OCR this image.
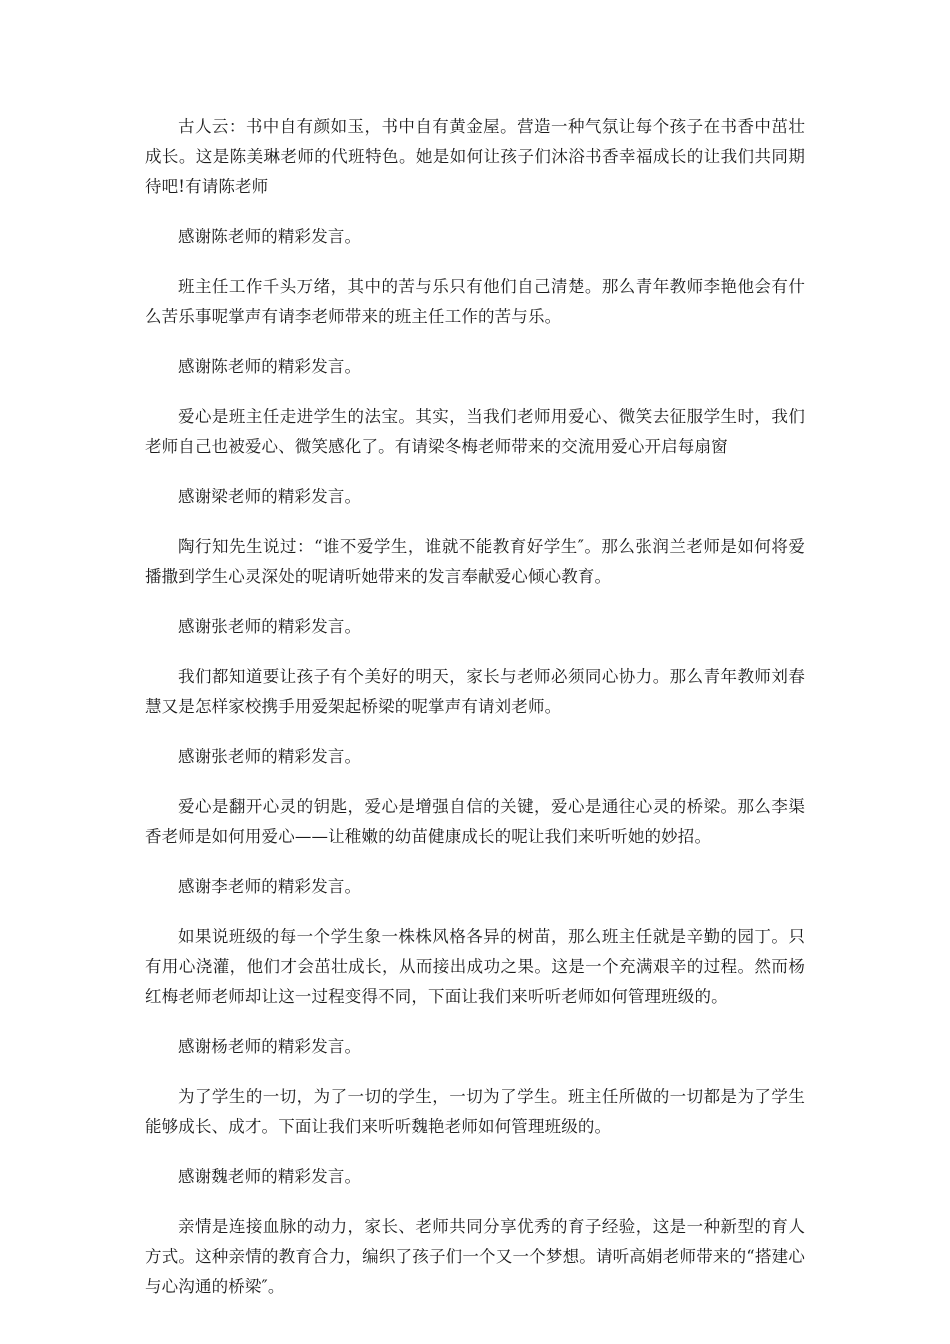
古人云：书中自有颜如玉，书中自有黄金屋。营造一种气氛让每个孩子在书香中茁壮成长。这是陈美琳老师的代班特色。她是如何让孩子们沐浴书香幸福成长的让我们共同期待吧!有请陈老师

感谢陈老师的精彩发言。

班主任工作千头万绪，其中的苦与乐只有他们自己清楚。那么青年教师李艳他会有什么苦乐事呢掌声有请李老师带来的班主任工作的苦与乐。

感谢陈老师的精彩发言。

爱心是班主任走进学生的法宝。其实，当我们老师用爱心、微笑去征服学生时，我们老师自己也被爱心、微笑感化了。有请梁冬梅老师带来的交流用爱心开启每扇窗

感谢梁老师的精彩发言。

陶行知先生说过：“谁不爱学生，谁就不能教育好学生″。那么张润兰老师是如何将爱播撒到学生心灵深处的呢请听她带来的发言奉献爱心倾心教育。

感谢张老师的精彩发言。

我们都知道要让孩子有个美好的明天，家长与老师必须同心协力。那么青年教师刘春慧又是怎样家校携手用爱架起桥梁的呢掌声有请刘老师。

感谢张老师的精彩发言。

爱心是翻开心灵的钥匙，爱心是增强自信的关键，爱心是通往心灵的桥梁。那么李渠香老师是如何用爱心——让稚嫩的幼苗健康成长的呢让我们来听听她的妙招。

感谢李老师的精彩发言。

如果说班级的每一个学生象一株株风格各异的树苗，那么班主任就是辛勤的园丁。只有用心浇灌，他们才会茁壮成长，从而接出成功之果。这是一个充满艰辛的过程。然而杨红梅老师老师却让这一过程变得不同，下面让我们来听听老师如何管理班级的。

感谢杨老师的精彩发言。

为了学生的一切，为了一切的学生，一切为了学生。班主任所做的一切都是为了学生能够成长、成才。下面让我们来听听魏艳老师如何管理班级的。

感谢魏老师的精彩发言。

亲情是连接血脉的动力，家长、老师共同分享优秀的育子经验，这是一种新型的育人方式。这种亲情的教育合力，编织了孩子们一个又一个梦想。请听高娟老师带来的“搭建心与心沟通的桥梁″。
